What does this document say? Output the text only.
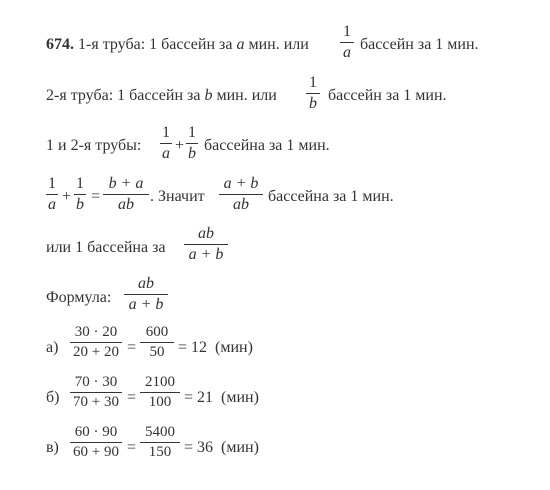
674. 1-я труба: 1 бассейн за a мин. или
1
a бассейн за 1 мин.
2-я труба: 1 бассейн за b мин. или
1
b бассейн за 1 мин.
1 и 2-я трубы:
1
a +
1
b бассейна за 1 мин.
1
a +
1
b =
b + a
ab	. Значит
a + b
ab	бассейна за 1 мин.
или 1 бассейна за
ab
a + b
Формула:
ab
a + b
а)
30 · 20
20 + 20 =
600
50 = 12 (мин)
б)
70 · 30
70 + 30 =
2100
100 = 21 (мин)
в)
60 · 90
60 + 90 =
5400
150 = 36 (мин)
